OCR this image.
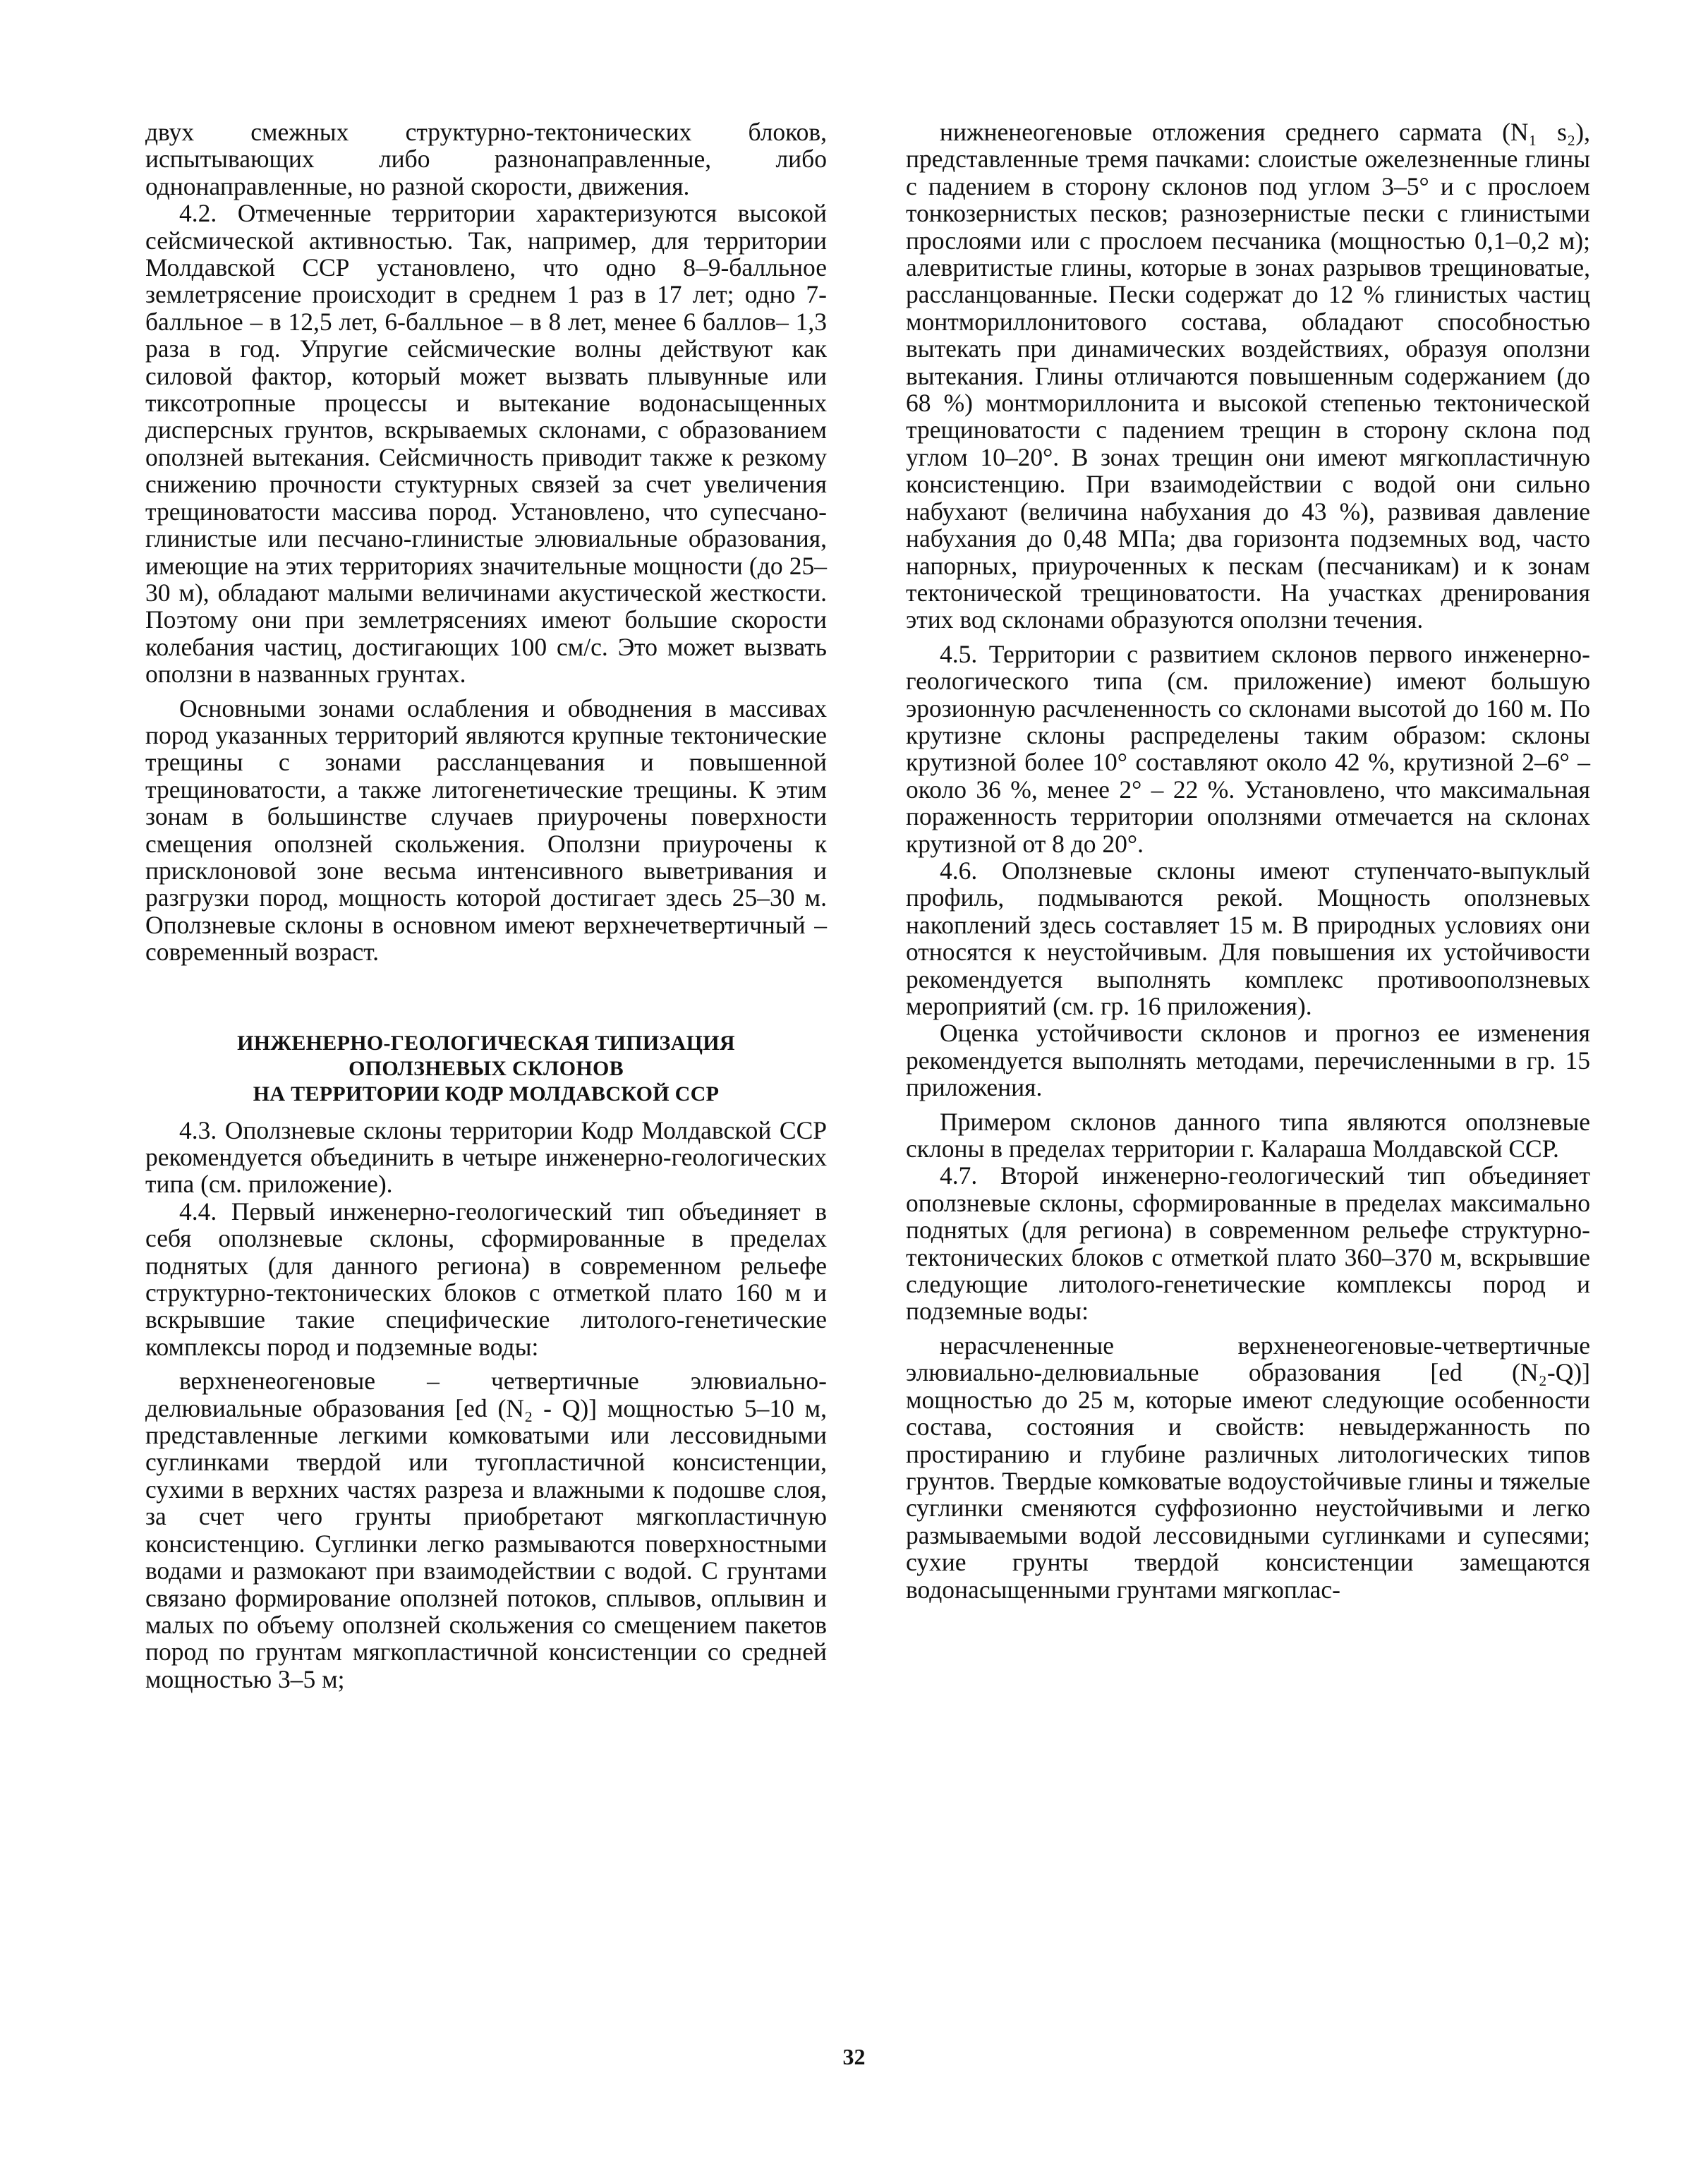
двух смежных структурно-тектонических блоков, испытывающих либо разнонаправленные, либо однонаправленные, но разной скорости, движения.

4.2. Отмеченные территории характеризуются высокой сейсмической активностью. Так, например, для территории Молдавской ССР установлено, что одно 8–9-балльное землетрясение происходит в среднем 1 раз в 17 лет; одно 7-балльное – в 12,5 лет, 6-балльное – в 8 лет, менее 6 баллов– 1,3 раза в год. Упругие сейсмические волны действуют как силовой фактор, который может вызвать плывунные или тиксотропные процессы и вытекание водонасыщенных дисперсных грунтов, вскрываемых склонами, с образованием оползней вытекания. Сейсмичность приводит также к резкому снижению прочности стуктурных связей за счет увеличения трещиноватости массива пород. Установлено, что супесчано-глинистые или песчано-глинистые элювиальные образования, имеющие на этих территориях значительные мощности (до 25–30 м), обладают малыми величинами акустической жесткости. Поэтому они при землетрясениях имеют большие скорости колебания частиц, достигающих 100 см/с. Это может вызвать оползни в названных грунтах.

Основными зонами ослабления и обводнения в массивах пород указанных территорий являются крупные тектонические трещины с зонами рассланцевания и повышенной трещиноватости, а также литогенетические трещины. К этим зонам в большинстве случаев приурочены поверхности смещения оползней скольжения. Оползни приурочены к присклоновой зоне весьма интенсивного выветривания и разгрузки пород, мощность которой достигает здесь 25–30 м. Оползневые склоны в основном имеют верхнечетвертичный – современный возраст.

ИНЖЕНЕРНО-ГЕОЛОГИЧЕСКАЯ ТИПИЗАЦИЯ
ОПОЛЗНЕВЫХ СКЛОНОВ
НА ТЕРРИТОРИИ КОДР МОЛДАВСКОЙ ССР

4.3. Оползневые склоны территории Кодр Молдавской ССР рекомендуется объединить в четыре инженерно-геологических типа (см. приложение).

4.4. Первый инженерно-геологический тип объединяет в себя оползневые склоны, сформированные в пределах поднятых (для данного региона) в современном рельефе структурно-тектонических блоков с отметкой плато 160 м и вскрывшие такие специфические литолого-генетические комплексы пород и подземные воды:

верхненеогеновые – четвертичные элювиально-делювиальные образования [ed (N₂ - Q)] мощностью 5–10 м, представленные легкими комковатыми или лессовидными суглинками твердой или тугопластичной консистенции, сухими в верхних частях разреза и влажными к подошве слоя, за счет чего грунты приобретают мягкопластичную консистенцию. Суглинки легко размываются поверхностными водами и размокают при взаимодействии с водой. С грунтами связано формирование оползней потоков, сплывов, оплывин и малых по объему оползней скольжения со смещением пакетов пород по грунтам мягкопластичной консистенции со средней мощностью 3–5 м;

нижненеогеновые отложения среднего сармата (N₁ s₂), представленные тремя пачками: слоистые ожелезненные глины с падением в сторону склонов под углом 3–5° и с прослоем тонкозернистых песков; разнозернистые пески с глинистыми прослоями или с прослоем песчаника (мощностью 0,1–0,2 м); алевритистые глины, которые в зонах разрывов трещиноватые, рассланцованные. Пески содержат до 12 % глинистых частиц монтмориллонитового состава, обладают способностью вытекать при динамических воздействиях, образуя оползни вытекания. Глины отличаются повышенным содержанием (до 68 %) монтмориллонита и высокой степенью тектонической трещиноватости с падением трещин в сторону склона под углом 10–20°. В зонах трещин они имеют мягкопластичную консистенцию. При взаимодействии с водой они сильно набухают (величина набухания до 43 %), развивая давление набухания до 0,48 МПа; два горизонта подземных вод, часто напорных, приуроченных к пескам (песчаникам) и к зонам тектонической трещиноватости. На участках дренирования этих вод склонами образуются оползни течения.

4.5. Территории с развитием склонов первого инженерно-геологического типа (см. приложение) имеют большую эрозионную расчлененность со склонами высотой до 160 м. По крутизне склоны распределены таким образом: склоны крутизной более 10° составляют около 42 %, крутизной 2–6° – около 36 %, менее 2° – 22 %. Установлено, что максимальная пораженность территории оползнями отмечается на склонах крутизной от 8 до 20°.

4.6. Оползневые склоны имеют ступенчато-выпуклый профиль, подмываются рекой. Мощность оползневых накоплений здесь составляет 15 м. В природных условиях они относятся к неустойчивым. Для повышения их устойчивости рекомендуется выполнять комплекс противооползневых мероприятий (см. гр. 16 приложения).

Оценка устойчивости склонов и прогноз ее изменения рекомендуется выполнять методами, перечисленными в гр. 15 приложения.

Примером склонов данного типа являются оползневые склоны в пределах территории г. Калараша Молдавской ССР.

4.7. Второй инженерно-геологический тип объединяет оползневые склоны, сформированные в пределах максимально поднятых (для региона) в современном рельефе структурно-тектонических блоков с отметкой плато 360–370 м, вскрывшие следующие литолого-генетические комплексы пород и подземные воды:

нерасчлененные верхненеогеновые-четвертичные элювиально-делювиальные образования [ed (N₂-Q)] мощностью до 25 м, которые имеют следующие особенности состава, состояния и свойств: невыдержанность по простиранию и глубине различных литологических типов грунтов. Твердые комковатые водоустойчивые глины и тяжелые суглинки сменяются суффозионно неустойчивыми и легко размываемыми водой лессовидными суглинками и супесями; сухие грунты твердой консистенции замещаются водонасыщенными грунтами мягкоплас-

32
